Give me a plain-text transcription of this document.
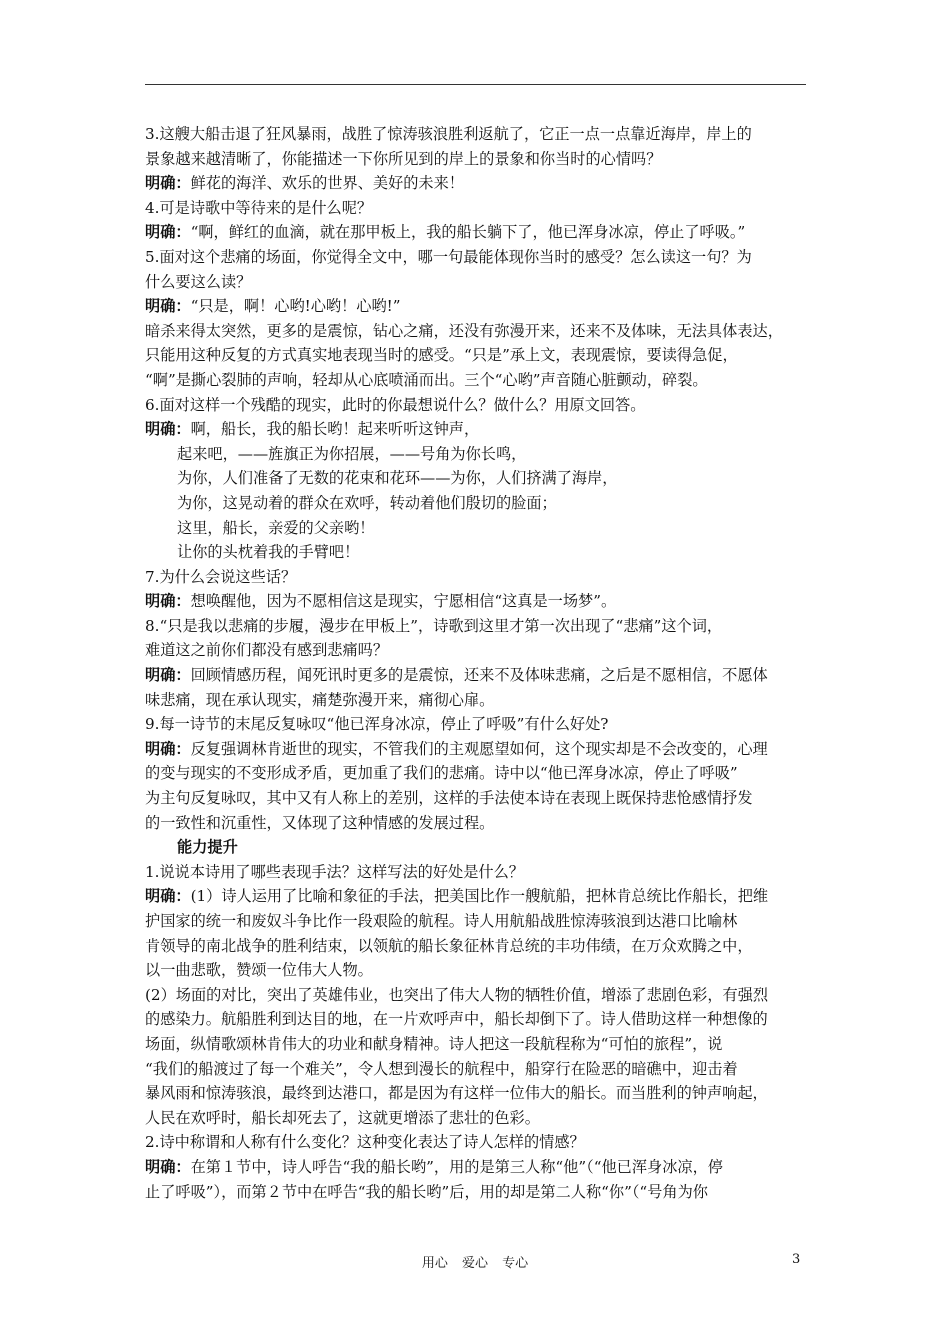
3.这艘大船击退了狂风暴雨，战胜了惊涛骇浪胜利返航了，它正一点一点靠近海岸，岸上的
景象越来越清晰了，你能描述一下你所见到的岸上的景象和你当时的心情吗？
明确：鲜花的海洋、欢乐的世界、美好的未来！
4.可是诗歌中等待来的是什么呢？
明确：“啊，鲜红的血滴，就在那甲板上，我的船长躺下了，他已浑身冰凉，停止了呼吸。”
5.面对这个悲痛的场面，你觉得全文中，哪一句最能体现你当时的感受？怎么读这一句？为
什么要这么读？
明确：“只是，啊！心哟!心哟！心哟!”
暗杀来得太突然，更多的是震惊，钻心之痛，还没有弥漫开来，还来不及体味，无法具体表达，
只能用这种反复的方式真实地表现当时的感受。“只是”承上文，表现震惊，要读得急促，
“啊”是撕心裂肺的声响，轻却从心底喷涌而出。三个“心哟”声音随心脏颤动，碎裂。
6.面对这样一个残酷的现实，此时的你最想说什么？做什么？用原文回答。
明确：啊，船长，我的船长哟！起来听听这钟声，
起来吧，——旌旗正为你招展，——号角为你长鸣，
为你，人们准备了无数的花束和花环——为你，人们挤满了海岸，
为你，这晃动着的群众在欢呼，转动着他们殷切的脸面；
这里，船长，亲爱的父亲哟！
让你的头枕着我的手臂吧！
7.为什么会说这些话？
明确：想唤醒他，因为不愿相信这是现实，宁愿相信“这真是一场梦”。
8.“只是我以悲痛的步履，漫步在甲板上”，诗歌到这里才第一次出现了“悲痛”这个词，
难道这之前你们都没有感到悲痛吗？
明确：回顾情感历程，闻死讯时更多的是震惊，还来不及体味悲痛，之后是不愿相信，不愿体
味悲痛，现在承认现实，痛楚弥漫开来，痛彻心扉。
9.每一诗节的末尾反复咏叹“他已浑身冰凉，停止了呼吸”有什么好处?
明确：反复强调林肯逝世的现实，不管我们的主观愿望如何，这个现实却是不会改变的，心理
的变与现实的不变形成矛盾，更加重了我们的悲痛。诗中以“他已浑身冰凉，停止了呼吸”
为主句反复咏叹，其中又有人称上的差别，这样的手法使本诗在表现上既保持悲怆感情抒发
的一致性和沉重性，又体现了这种情感的发展过程。
能力提升
1.说说本诗用了哪些表现手法？这样写法的好处是什么？
明确：(1）诗人运用了比喻和象征的手法，把美国比作一艘航船，把林肯总统比作船长，把维
护国家的统一和废奴斗争比作一段艰险的航程。诗人用航船战胜惊涛骇浪到达港口比喻林
肯领导的南北战争的胜利结束，以领航的船长象征林肯总统的丰功伟绩，在万众欢腾之中，
以一曲悲歌，赞颂一位伟大人物。
(2）场面的对比，突出了英雄伟业，也突出了伟大人物的牺牲价值，增添了悲剧色彩，有强烈
的感染力。航船胜利到达目的地，在一片欢呼声中，船长却倒下了。诗人借助这样一种想像的
场面，纵情歌颂林肯伟大的功业和献身精神。诗人把这一段航程称为“可怕的旅程”，说
“我们的船渡过了每一个难关”，令人想到漫长的航程中，船穿行在险恶的暗礁中，迎击着
暴风雨和惊涛骇浪，最终到达港口，都是因为有这样一位伟大的船长。而当胜利的钟声响起，
人民在欢呼时，船长却死去了，这就更增添了悲壮的色彩。
2.诗中称谓和人称有什么变化？这种变化表达了诗人怎样的情感？
明确：在第１节中，诗人呼告“我的船长哟”，用的是第三人称“他”（“他已浑身冰凉，停
止了呼吸”），而第２节中在呼告“我的船长哟”后，用的却是第二人称“你”（“号角为你
用心 爱心 专心	3
